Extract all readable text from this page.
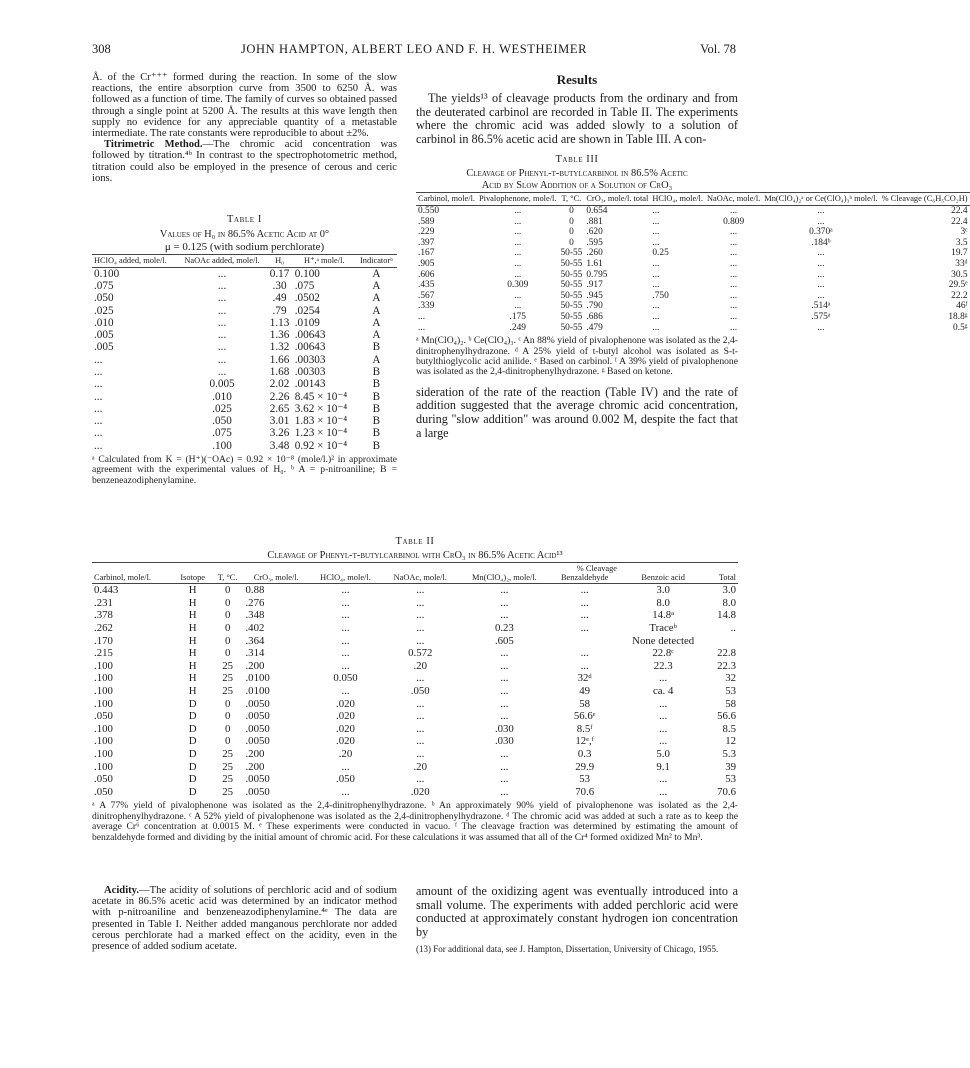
308	JOHN HAMPTON, ALBERT LEO AND F. H. WESTHEIMER	Vol. 78

Å. of the Cr⁺⁺⁺ formed during the reaction. In some of the slow reactions, the entire absorption curve from 3500 to 6250 Å. was followed as a function of time. The family of curves so obtained passed through a single point at 5200 Å. The results at this wave length then supply no evidence for any appreciable quantity of a metastable intermediate. The rate constants were reproducible to about ±2%.

Titrimetric Method.—The chromic acid concentration was followed by titration.⁴ᵇ In contrast to the spectrophotometric method, titration could also be employed in the presence of cerous and ceric ions.

Table I
Values of H₀ in 86.5% Acetic Acid at 0°
μ = 0.125 (with sodium perchlorate)
HClO₄ added, mole/l.	NaOAc added, mole/l.	H₀	H⁺,ᵃ mole/l.	Indicatorᵇ
0.100	...	0.17	0.100	A
.075	...	.30	.075	A
.050	...	.49	.0502	A
.025	...	.79	.0254	A
.010	...	1.13	.0109	A
.005	...	1.36	.00643	A
.005	...	1.32	.00643	B
...	...	1.66	.00303	A
...	...	1.68	.00303	B
...	0.005	2.02	.00143	B
...	.010	2.26	8.45 × 10⁻⁴	B
...	.025	2.65	3.62 × 10⁻⁴	B
...	.050	3.01	1.83 × 10⁻⁴	B
...	.075	3.26	1.23 × 10⁻⁴	B
...	.100	3.48	0.92 × 10⁻⁴	B

ᵃ Calculated from K = (H⁺)(⁻OAc) = 0.92 × 10⁻⁸ (mole/l.)² in approximate agreement with the experimental values of H₀. ᵇ A = p-nitroaniline; B = benzeneazodiphenylamine.

Results

The yields¹³ of cleavage products from the ordinary and from the deuterated carbinol are recorded in Table II. The experiments where the chromic acid was added slowly to a solution of carbinol in 86.5% acetic acid are shown in Table III. A con-

Table III
Cleavage of Phenyl-t-butylcarbinol in 86.5% Acetic
Acid by Slow Addition of a Solution of CrO₃
Carbinol, mole/l.	Pivalophenone, mole/l.	T, °C.	CrO₃, mole/l. total	HClO₄, mole/l.	NaOAc, mole/l.	Mn(ClO₄)₂ᵃ or Ce(ClO₄)₃ᵇ mole/l.	% Cleavage (C₆H₅CO₂H)
0.550	...	0	0.654	...	...	...	22.4
.589	...	0	.881	...	0.809	...	22.4
.229	...	0	.620	...	...	0.370ᵃ	3ᶜ
.397	...	0	.595	...	...	.184ᵇ	3.5
.167	...	50-55	.260	0.25	...	...	19.7
.905	...	50-55	1.61	...	...	...	33ᵈ
.606	...	50-55	0.795	...	...	...	30.5
.435	0.309	50-55	.917	...	...	...	29.5ᵉ
.567	...	50-55	.945	.750	...	...	22.2
.339	...	50-55	.790	...	...	.514ᵃ	46ᶠ
...	.175	50-55	.686	...	...	.575ᵃ	18.8ᵍ
...	.249	50-55	.479	...	...	...	0.5ᵍ

ᵃ Mn(ClO₄)₂. ᵇ Ce(ClO₄)₃. ᶜ An 88% yield of pivalophenone was isolated as the 2,4-dinitrophenylhydrazone. ᵈ A 25% yield of t-butyl alcohol was isolated as S-t-butylthioglycolic acid anilide. ᵉ Based on carbinol. ᶠ A 39% yield of pivalophenone was isolated as the 2,4-dinitrophenylhydrazone. ᵍ Based on ketone.

sideration of the rate of the reaction (Table IV) and the rate of addition suggested that the average chromic acid concentration, during "slow addition" was around 0.002 M, despite the fact that a large

Table II
Cleavage of Phenyl-t-butylcarbinol with CrO₃ in 86.5% Acetic Acid¹³
Carbinol, mole/l.	Isotope	T, °C.	CrO₃, mole/l.	HClO₄, mole/l.	NaOAc, mole/l.	Mn(ClO₄)₂, mole/l.	% Cleavage
Benzaldehyde	Benzoic acid	Total
0.443	H	0	0.88	...	...	...	...	3.0	3.0
.231	H	0	.276	...	...	...	...	8.0	8.0
.378	H	0	.348	...	...	...	...	14.8ᵃ	14.8
.262	H	0	.402	...	...	0.23	...	Traceᵇ	..
.170	H	0	.364	...	...	.605		None detected	
.215	H	0	.314	...	0.572	...	...	22.8ᶜ	22.8
.100	H	25	.200	...	.20	...	...	22.3	22.3
.100	H	25	.0100	0.050	...	...	32ᵈ	...	32
.100	H	25	.0100	...	.050	...	49	ca. 4	53
.100	D	0	.0050	.020	...	...	58	...	58
.050	D	0	.0050	.020	...	...	56.6ᵉ	...	56.6
.100	D	0	.0050	.020	...	.030	8.5ᶠ	...	8.5
.100	D	0	.0050	.020	...	.030	12ᵉ,ᶠ	...	12
.100	D	25	.200	.20	...	...	0.3	5.0	5.3
.100	D	25	.200	...	.20	...	29.9	9.1	39
.050	D	25	.0050	.050	...	...	53	...	53
.050	D	25	.0050	...	.020	...	70.6	...	70.6

ᵃ A 77% yield of pivalophenone was isolated as the 2,4-dinitrophenylhydrazone. ᵇ An approximately 90% yield of pivalophenone was isolated as the 2,4-dinitrophenylhydrazone. ᶜ A 52% yield of pivalophenone was isolated as the 2,4-dinitrophenylhydrazone. ᵈ The chromic acid was added at such a rate as to keep the average Cr⁶ concentration at 0.0015 M. ᵉ These experiments were conducted in vacuo. ᶠ The cleavage fraction was determined by estimating the amount of benzaldehyde formed and dividing by the initial amount of chromic acid. For these calculations it was assumed that all of the Cr⁴ formed oxidized Mn² to Mn³.

Acidity.—The acidity of solutions of perchloric acid and of sodium acetate in 86.5% acetic acid was determined by an indicator method with p-nitroaniline and benzeneazodiphenylamine.⁴ᵉ The data are presented in Table I. Neither added manganous perchlorate nor added cerous perchlorate had a marked effect on the acidity, even in the presence of added sodium acetate.

amount of the oxidizing agent was eventually introduced into a small volume. The experiments with added perchloric acid were conducted at approximately constant hydrogen ion concentration by

(13) For additional data, see J. Hampton, Dissertation, University of Chicago, 1955.
